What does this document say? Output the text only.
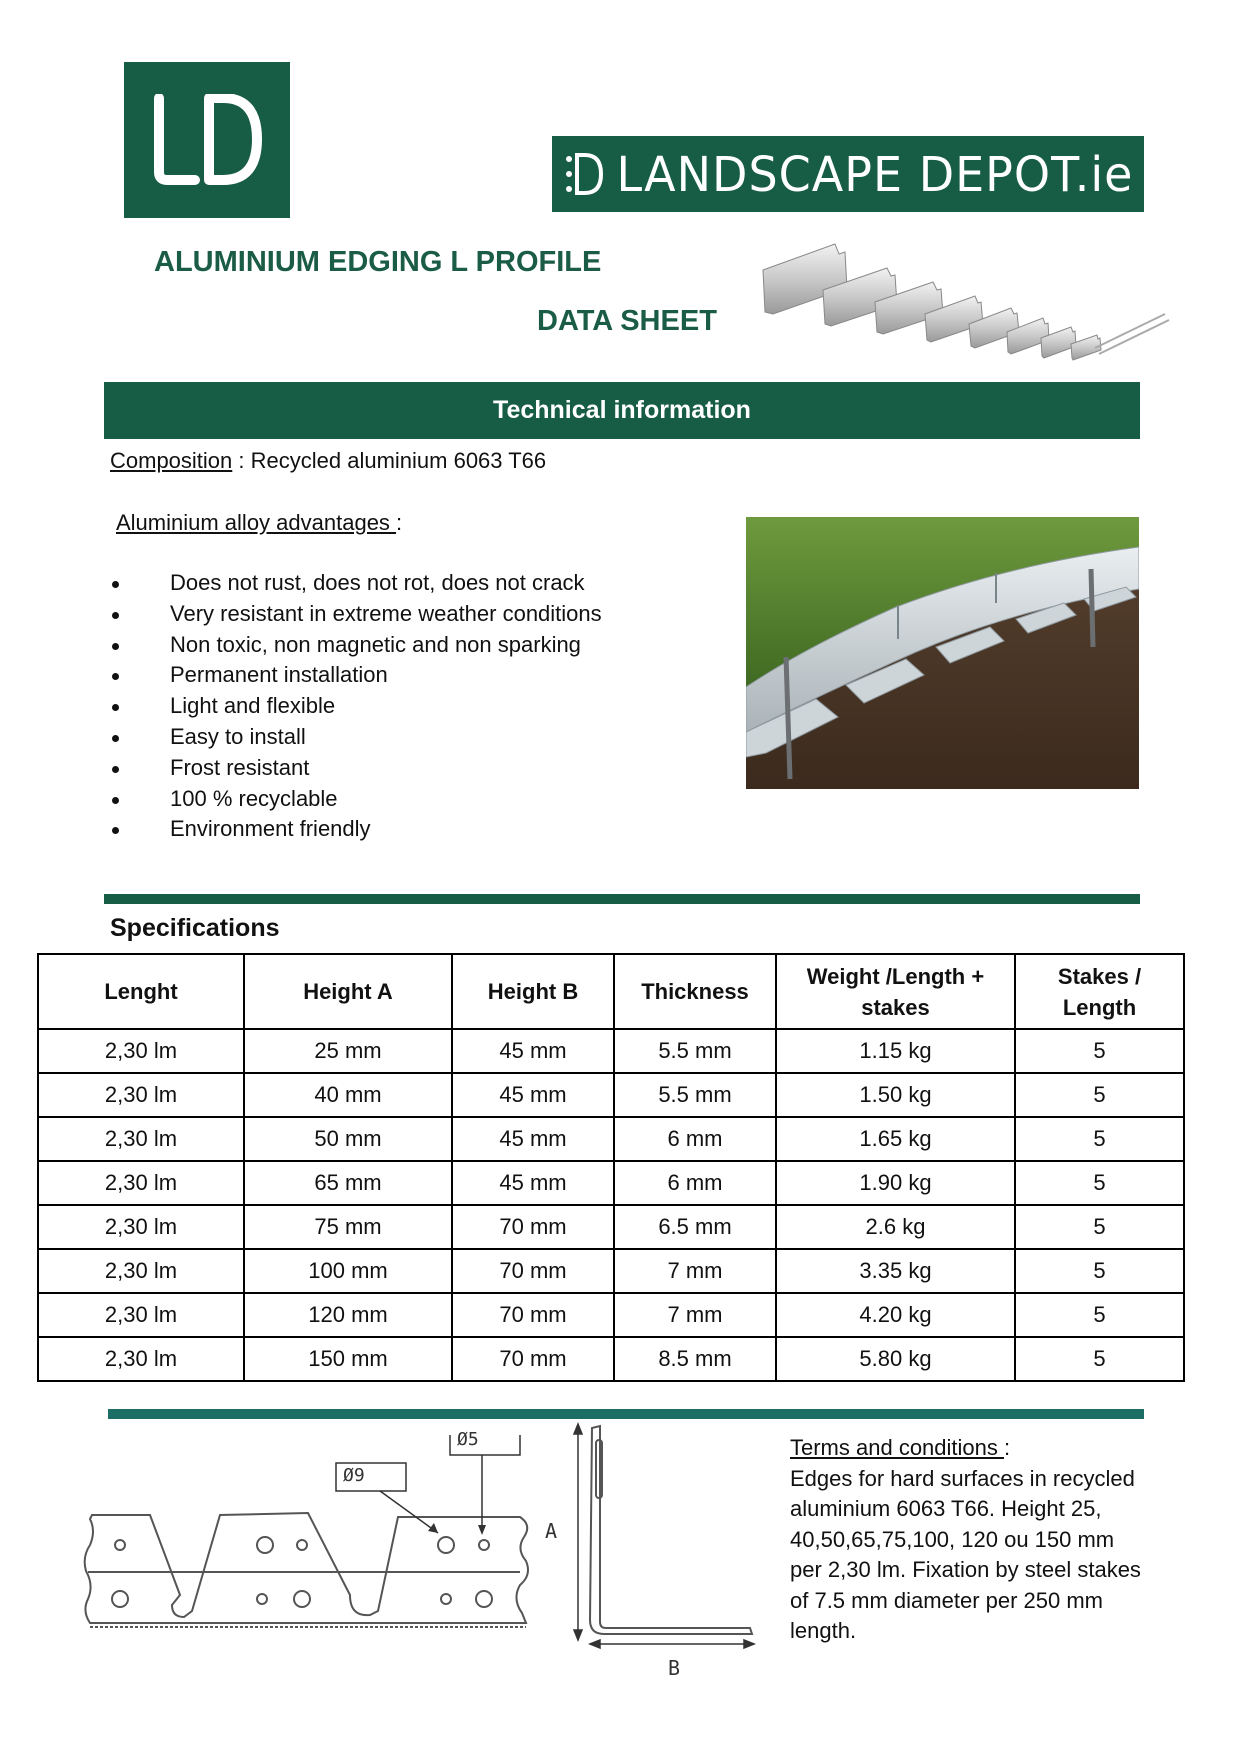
LANDSCAPE DEPOT.ie
ALUMINIUM EDGING L PROFILE
DATA SHEET
Technical information
Composition : Recycled aluminium 6063 T66
Aluminium alloy advantages :
Does not rust, does not rot, does not crack
Very resistant in extreme weather conditions
Non toxic, non magnetic and non sparking
Permanent installation
Light and flexible
Easy to install
Frost resistant
100 % recyclable
Environment friendly
Specifications
Lenght	Height A	Height B	Thickness	Weight /Length + stakes	Stakes / Length
2,30 lm	25 mm	45 mm	5.5 mm	1.15 kg	5
2,30 lm	40 mm	45 mm	5.5 mm	1.50 kg	5
2,30 lm	50 mm	45 mm	6 mm	1.65 kg	5
2,30 lm	65 mm	45 mm	6 mm	1.90 kg	5
2,30 lm	75 mm	70 mm	6.5 mm	2.6 kg	5
2,30 lm	100 mm	70 mm	7 mm	3.35 kg	5
2,30 lm	120 mm	70 mm	7 mm	4.20 kg	5
2,30 lm	150 mm	70 mm	8.5 mm	5.80 kg	5
Ø9
Ø5
A
B
Terms and conditions :
Edges for hard surfaces in recycled
aluminium 6063 T66. Height 25,
40,50,65,75,100, 120 ou 150 mm
per 2,30 lm. Fixation by steel stakes
of 7.5 mm diameter per 250 mm
length.
